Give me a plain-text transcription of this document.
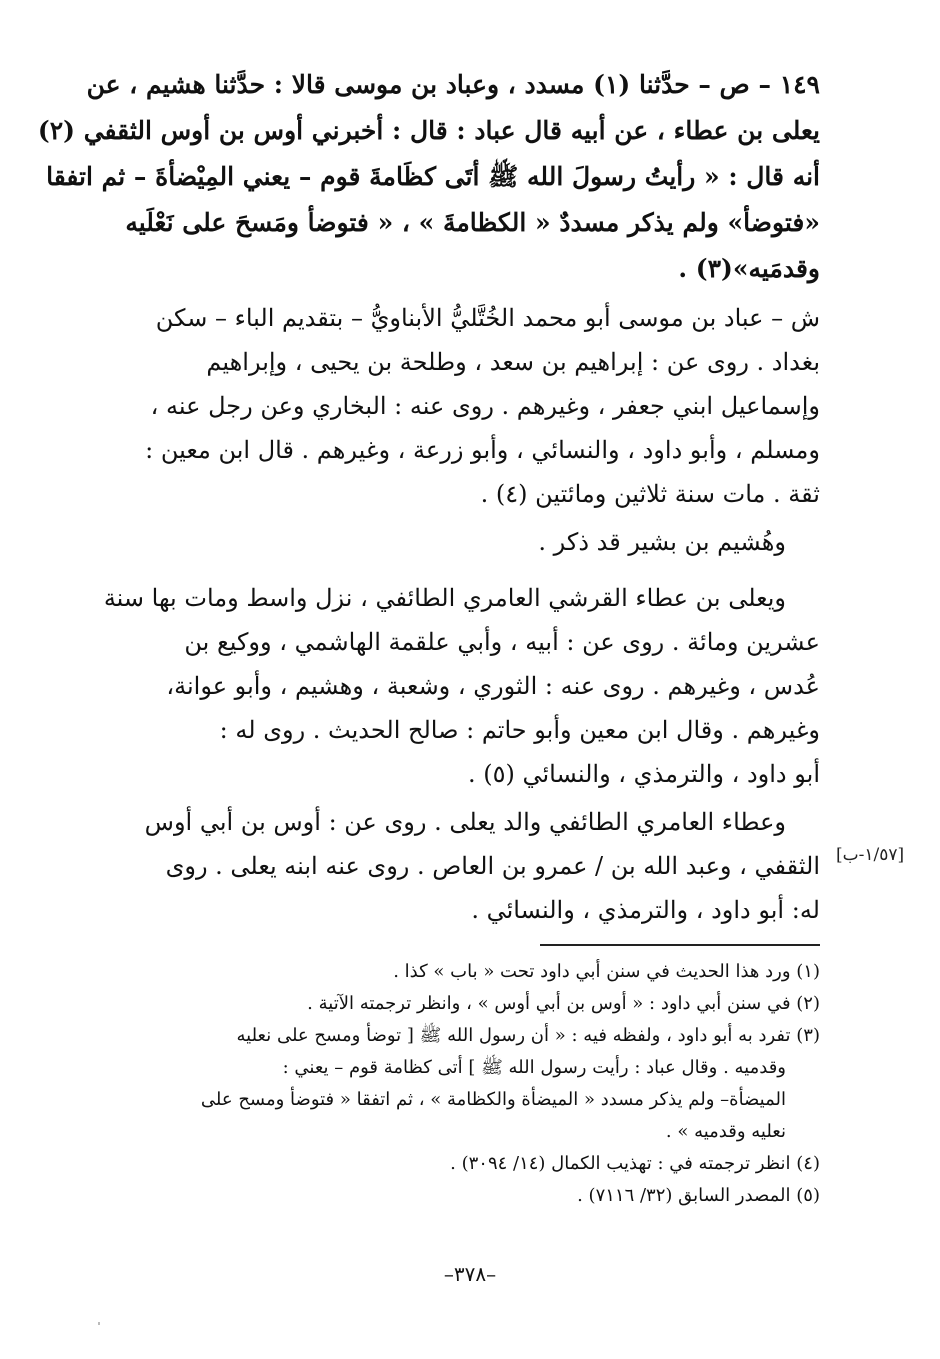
١٤٩ – ص – حدَّثنا (١) مسدد ، وعباد بن موسى قالا : حدَّثنا هشيم ، عن
يعلى بن عطاء ، عن أبيه قال عباد : قال : أخبرني أوس بن أوس الثقفي (٢)
أنه قال : « رأيتُ رسولَ الله ﷺ أتَى كظَامةَ قوم – يعني المِيْضأةَ – ثم اتفقا
«فتوضأ» ولم يذكر مسددٌ « الكظامةَ » ، « فتوضأ ومَسحَ على نَعْلَيه
وقدمَيه»(٣) .
ش – عباد بن موسى أبو محمد الخُتَّليُّ الأبناويُّ – بتقديم الباء – سكن
بغداد . روى عن : إبراهيم بن سعد ، وطلحة بن يحيى ، وإبراهيم
وإسماعيل ابني جعفر ، وغيرهم . روى عنه : البخاري وعن رجل عنه ،
ومسلم ، وأبو داود ، والنسائي ، وأبو زرعة ، وغيرهم . قال ابن معين :
ثقة . مات سنة ثلاثين ومائتين (٤) .
وهُشيم بن بشير قد ذكر .
ويعلى بن عطاء القرشي العامري الطائفي ، نزل واسط ومات بها سنة
عشرين ومائة . روى عن : أبيه ، وأبي علقمة الهاشمي ، ووكيع بن
عُدس ، وغيرهم . روى عنه : الثوري ، وشعبة ، وهشيم ، وأبو عوانة،
وغيرهم . وقال ابن معين وأبو حاتم : صالح الحديث . روى له :
أبو داود ، والترمذي ، والنسائي (٥) .
وعطاء العامري الطائفي والد يعلى . روى عن : أوس بن أبي أوس
الثقفي ، وعبد الله بن / عمرو بن العاص . روى عنه ابنه يعلى . روى
له: أبو داود ، والترمذي ، والنسائي .
[١/٥٧-ب]
(١) ورد هذا الحديث في سنن أبي داود تحت « باب » كذا .
(٢) في سنن أبي داود : « أوس بن أبي أوس » ، وانظر ترجمته الآتية .
(٣) تفرد به أبو داود ، ولفظه فيه : « أن رسول الله ﷺ [ توضأ ومسح على نعليه
وقدميه . وقال عباد : رأيت رسول الله ﷺ ] أتى كظامة قوم – يعني :
الميضأة– ولم يذكر مسدد « الميضأة والكظامة » ، ثم اتفقا « فتوضأ ومسح على
نعليه وقدميه » .
(٤) انظر ترجمته في : تهذيب الكمال (١٤/ ٣٠٩٤) .
(٥) المصدر السابق (٣٢/ ٧١١٦) .
–٣٧٨–
